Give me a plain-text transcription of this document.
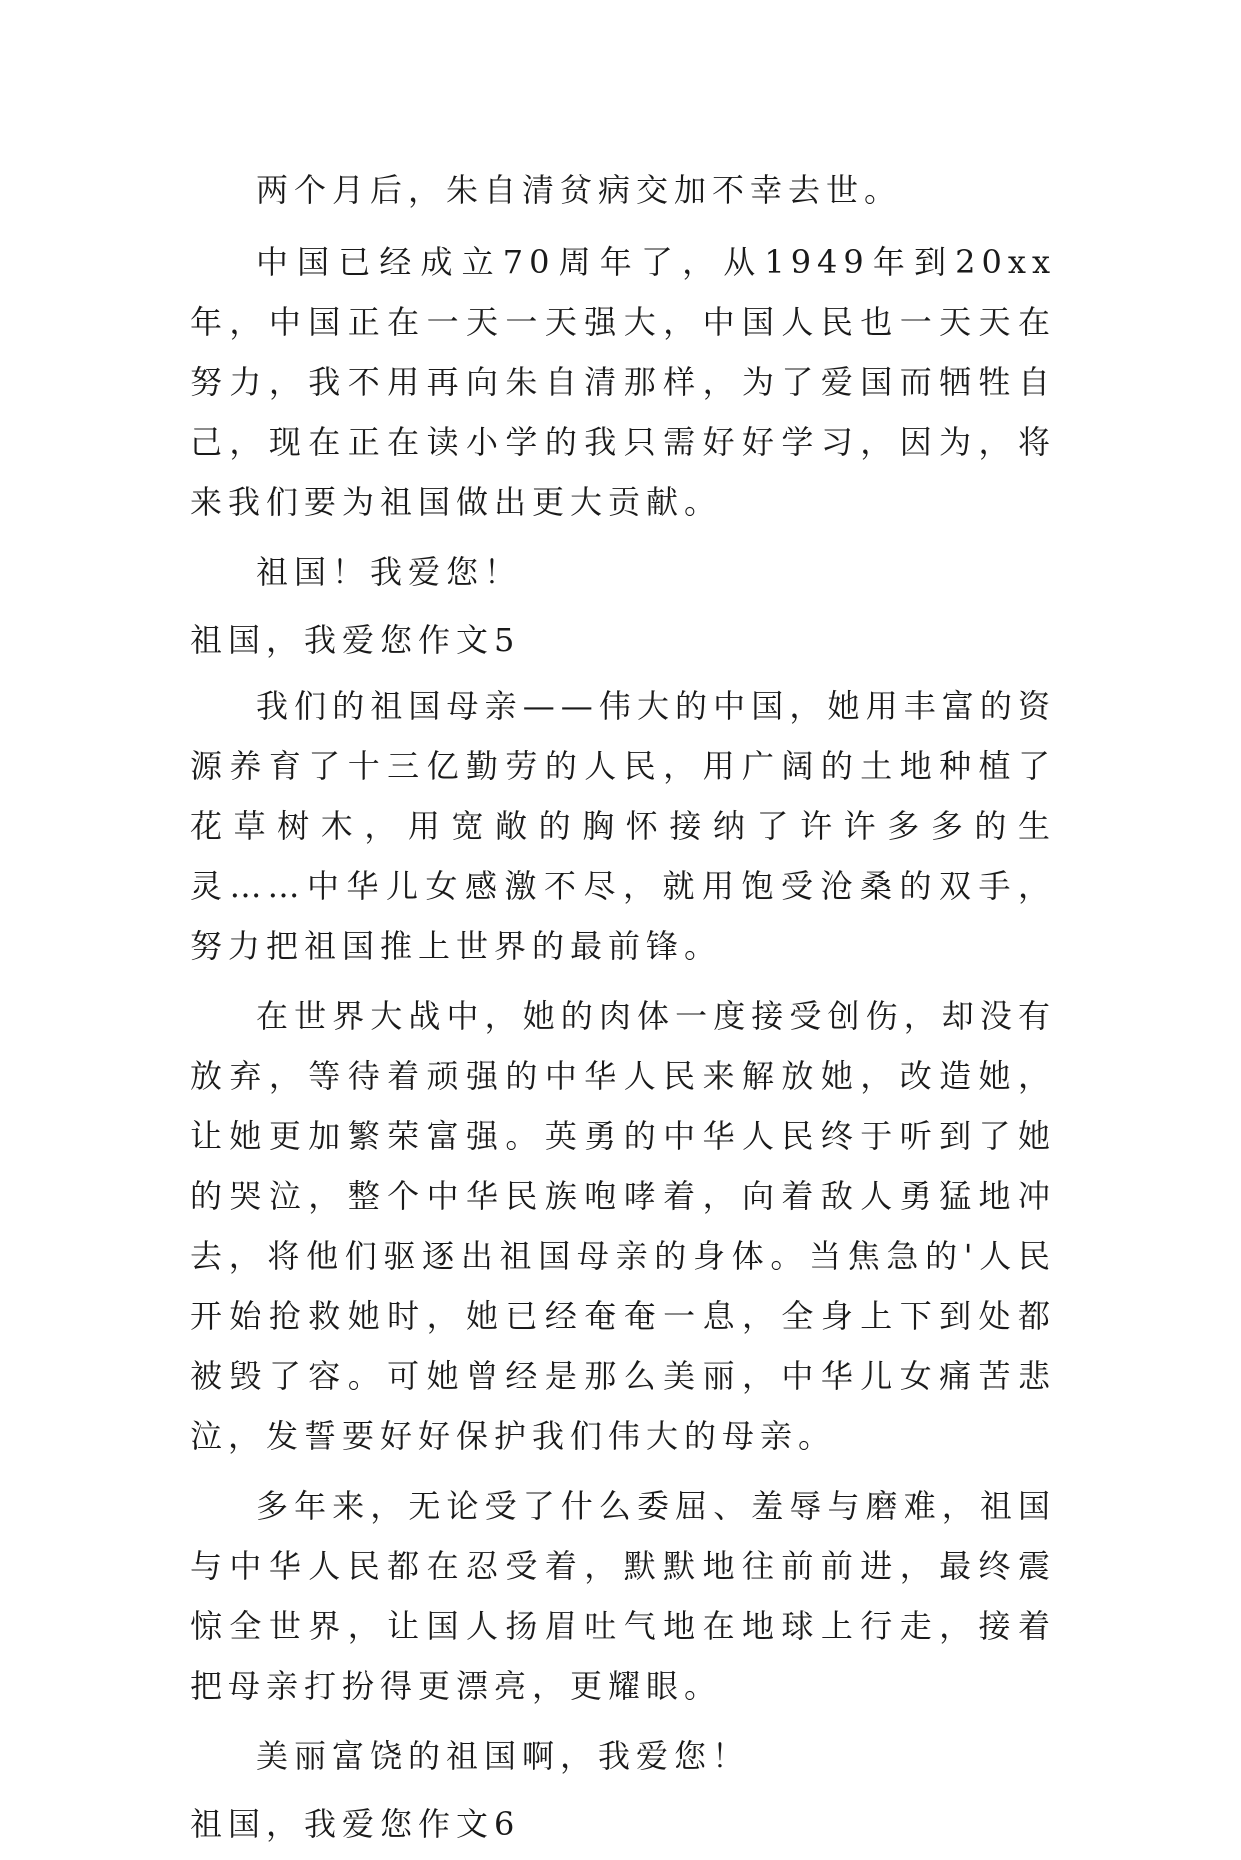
两个月后，朱自清贫病交加不幸去世。

中国已经成立70周年了，从1949年到20xx年，中国正在一天一天强大，中国人民也一天天在努力，我不用再向朱自清那样，为了爱国而牺牲自己，现在正在读小学的我只需好好学习，因为，将来我们要为祖国做出更大贡献。

祖国！我爱您！

祖国，我爱您作文5

我们的祖国母亲——伟大的中国，她用丰富的资源养育了十三亿勤劳的人民，用广阔的土地种植了花草树木，用宽敞的胸怀接纳了许许多多的生灵……中华儿女感激不尽，就用饱受沧桑的双手，努力把祖国推上世界的最前锋。

在世界大战中，她的肉体一度接受创伤，却没有放弃，等待着顽强的中华人民来解放她，改造她，让她更加繁荣富强。英勇的中华人民终于听到了她的哭泣，整个中华民族咆哮着，向着敌人勇猛地冲去，将他们驱逐出祖国母亲的身体。当焦急的'人民开始抢救她时，她已经奄奄一息，全身上下到处都被毁了容。可她曾经是那么美丽，中华儿女痛苦悲泣，发誓要好好保护我们伟大的母亲。

多年来，无论受了什么委屈、羞辱与磨难，祖国与中华人民都在忍受着，默默地往前前进，最终震惊全世界，让国人扬眉吐气地在地球上行走，接着把母亲打扮得更漂亮，更耀眼。

美丽富饶的祖国啊，我爱您！

祖国，我爱您作文6
